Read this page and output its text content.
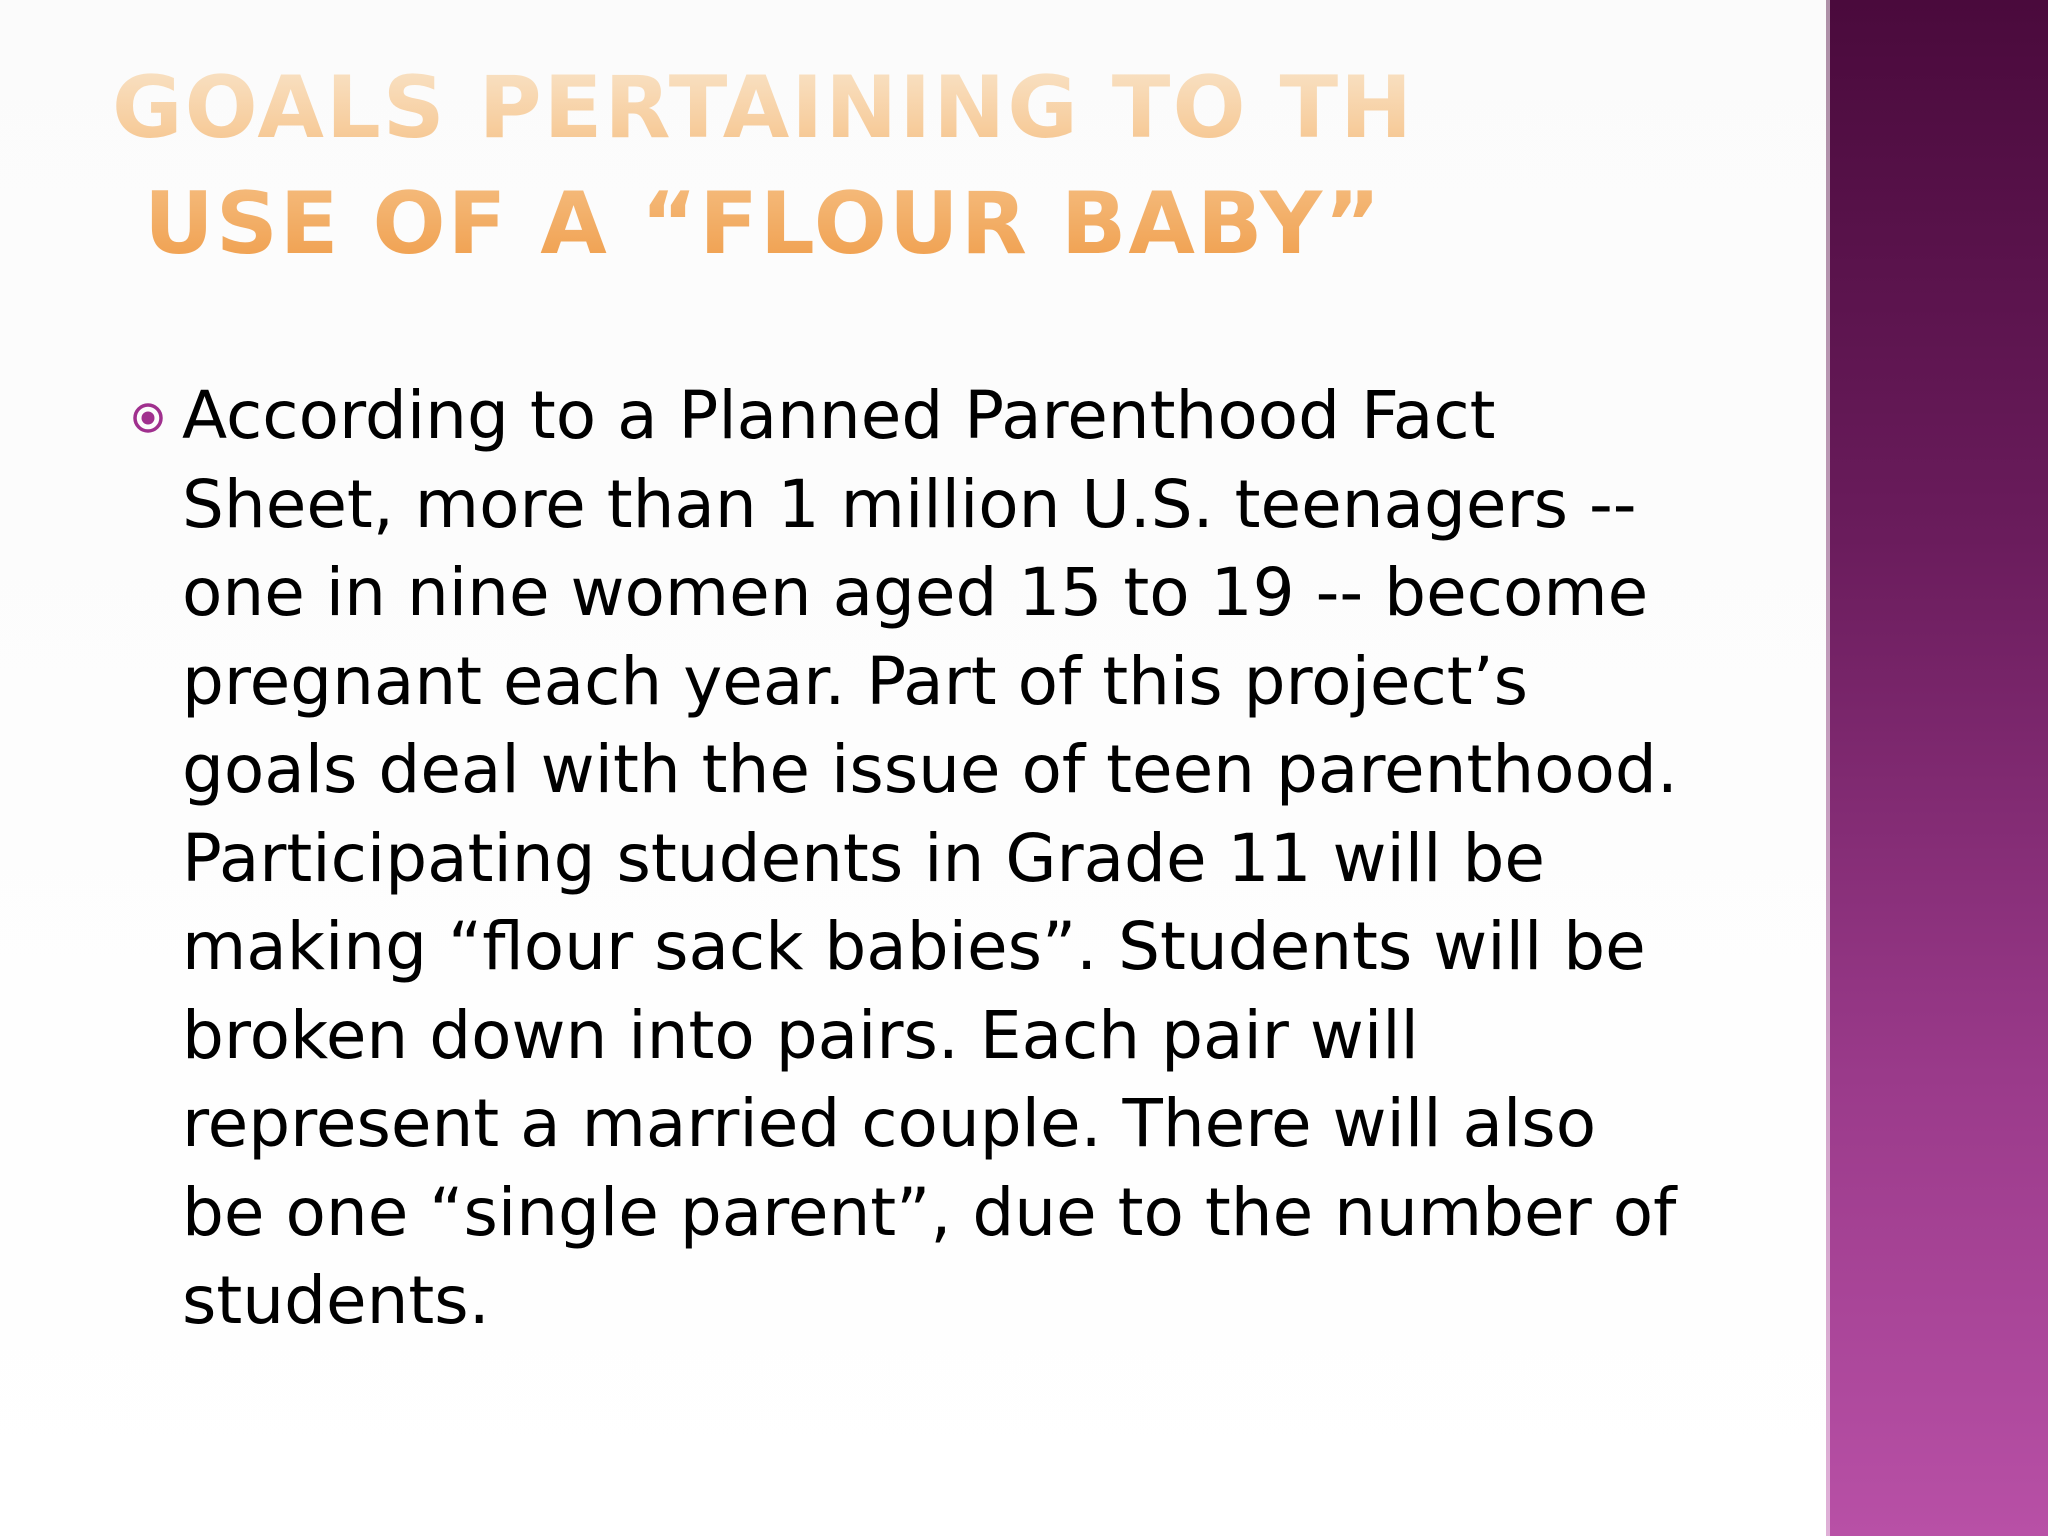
GOALS PERTAINING TO THE
USE OF A “FLOUR BABY”
According to a Planned Parenthood Fact
Sheet, more than 1 million U.S. teenagers --
one in nine women aged 15 to 19 -- become
pregnant each year. Part of this project’s
goals deal with the issue of teen parenthood.
Participating students in Grade 11 will be
making “flour sack babies”. Students will be
broken down into pairs. Each pair will
represent a married couple. There will also
be one “single parent”, due to the number of
students.
